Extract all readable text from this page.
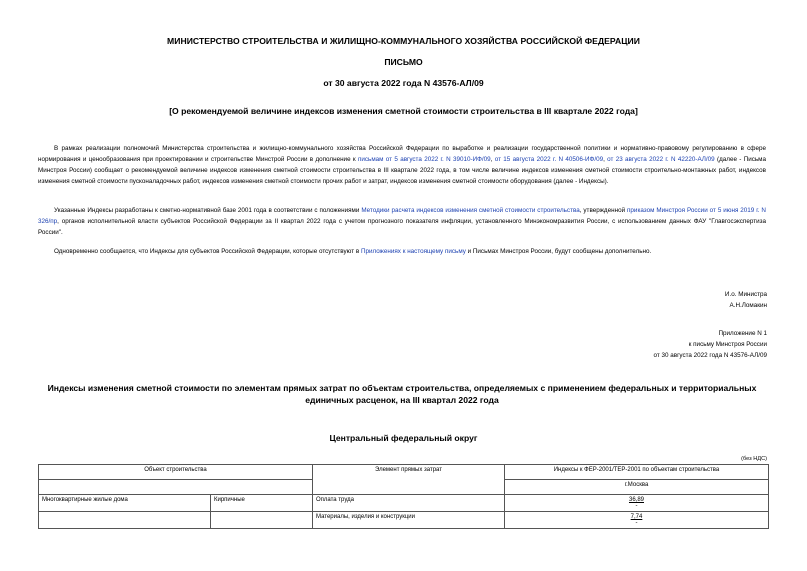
МИНИСТЕРСТВО СТРОИТЕЛЬСТВА И ЖИЛИЩНО-КОММУНАЛЬНОГО ХОЗЯЙСТВА РОССИЙСКОЙ ФЕДЕРАЦИИ
ПИСЬМО
от 30 августа 2022 года N 43576-АЛ/09
[О рекомендуемой величине индексов изменения сметной стоимости строительства в III квартале 2022 года]
В рамках реализации полномочий Министерства строительства и жилищно-коммунального хозяйства Российской Федерации по выработке и реализации государственной политики и нормативно-правовому регулированию в сфере нормирования и ценообразования при проектировании и строительстве Минстрой России в дополнение к письмам от 5 августа 2022 г. N 39010-ИФ/09, от 15 августа 2022 г. N 40506-ИФ/09, от 23 августа 2022 г. N 42220-АЛ/09 (далее - Письма Минстроя России) сообщает о рекомендуемой величине индексов изменения сметной стоимости строительства в III квартале 2022 года, в том числе величине индексов изменения сметной стоимости строительно-монтажных работ, индексов изменения сметной стоимости пусконаладочных работ, индексов изменения сметной стоимости прочих работ и затрат, индексов изменения сметной стоимости оборудования (далее - Индексы).
Указанные Индексы разработаны к сметно-нормативной базе 2001 года в соответствии с положениями Методики расчета индексов изменения сметной стоимости строительства, утвержденной приказом Минстроя России от 5 июня 2019 г. N 326/пр, органов исполнительной власти субъектов Российской Федерации за II квартал 2022 года с учетом прогнозного показателя инфляции, установленного Минэкономразвития России, с использованием данных ФАУ "Главгосэкспертиза России".
Одновременно сообщается, что Индексы для субъектов Российской Федерации, которые отсутствуют в Приложениях к настоящему письму и Письмах Минстроя России, будут сообщены дополнительно.
И.о. Министра
А.Н.Ломакин
Приложение N 1
к письму Минстроя России
от 30 августа 2022 года N 43576-АЛ/09
Индексы изменения сметной стоимости по элементам прямых затрат по объектам строительства, определяемых с применением федеральных и территориальных единичных расценок, на III квартал 2022 года
Центральный федеральный округ
(без НДС)
Объект строительства		Элемент прямых затрат	Индексы к ФЕР-2001/ТЕР-2001 по объектам строительства
			г.Москва
Многоквартирные жилые дома	Кирпичные	Оплата труда	36,89
-

		Материалы, изделия и конструкции	7,74
-
